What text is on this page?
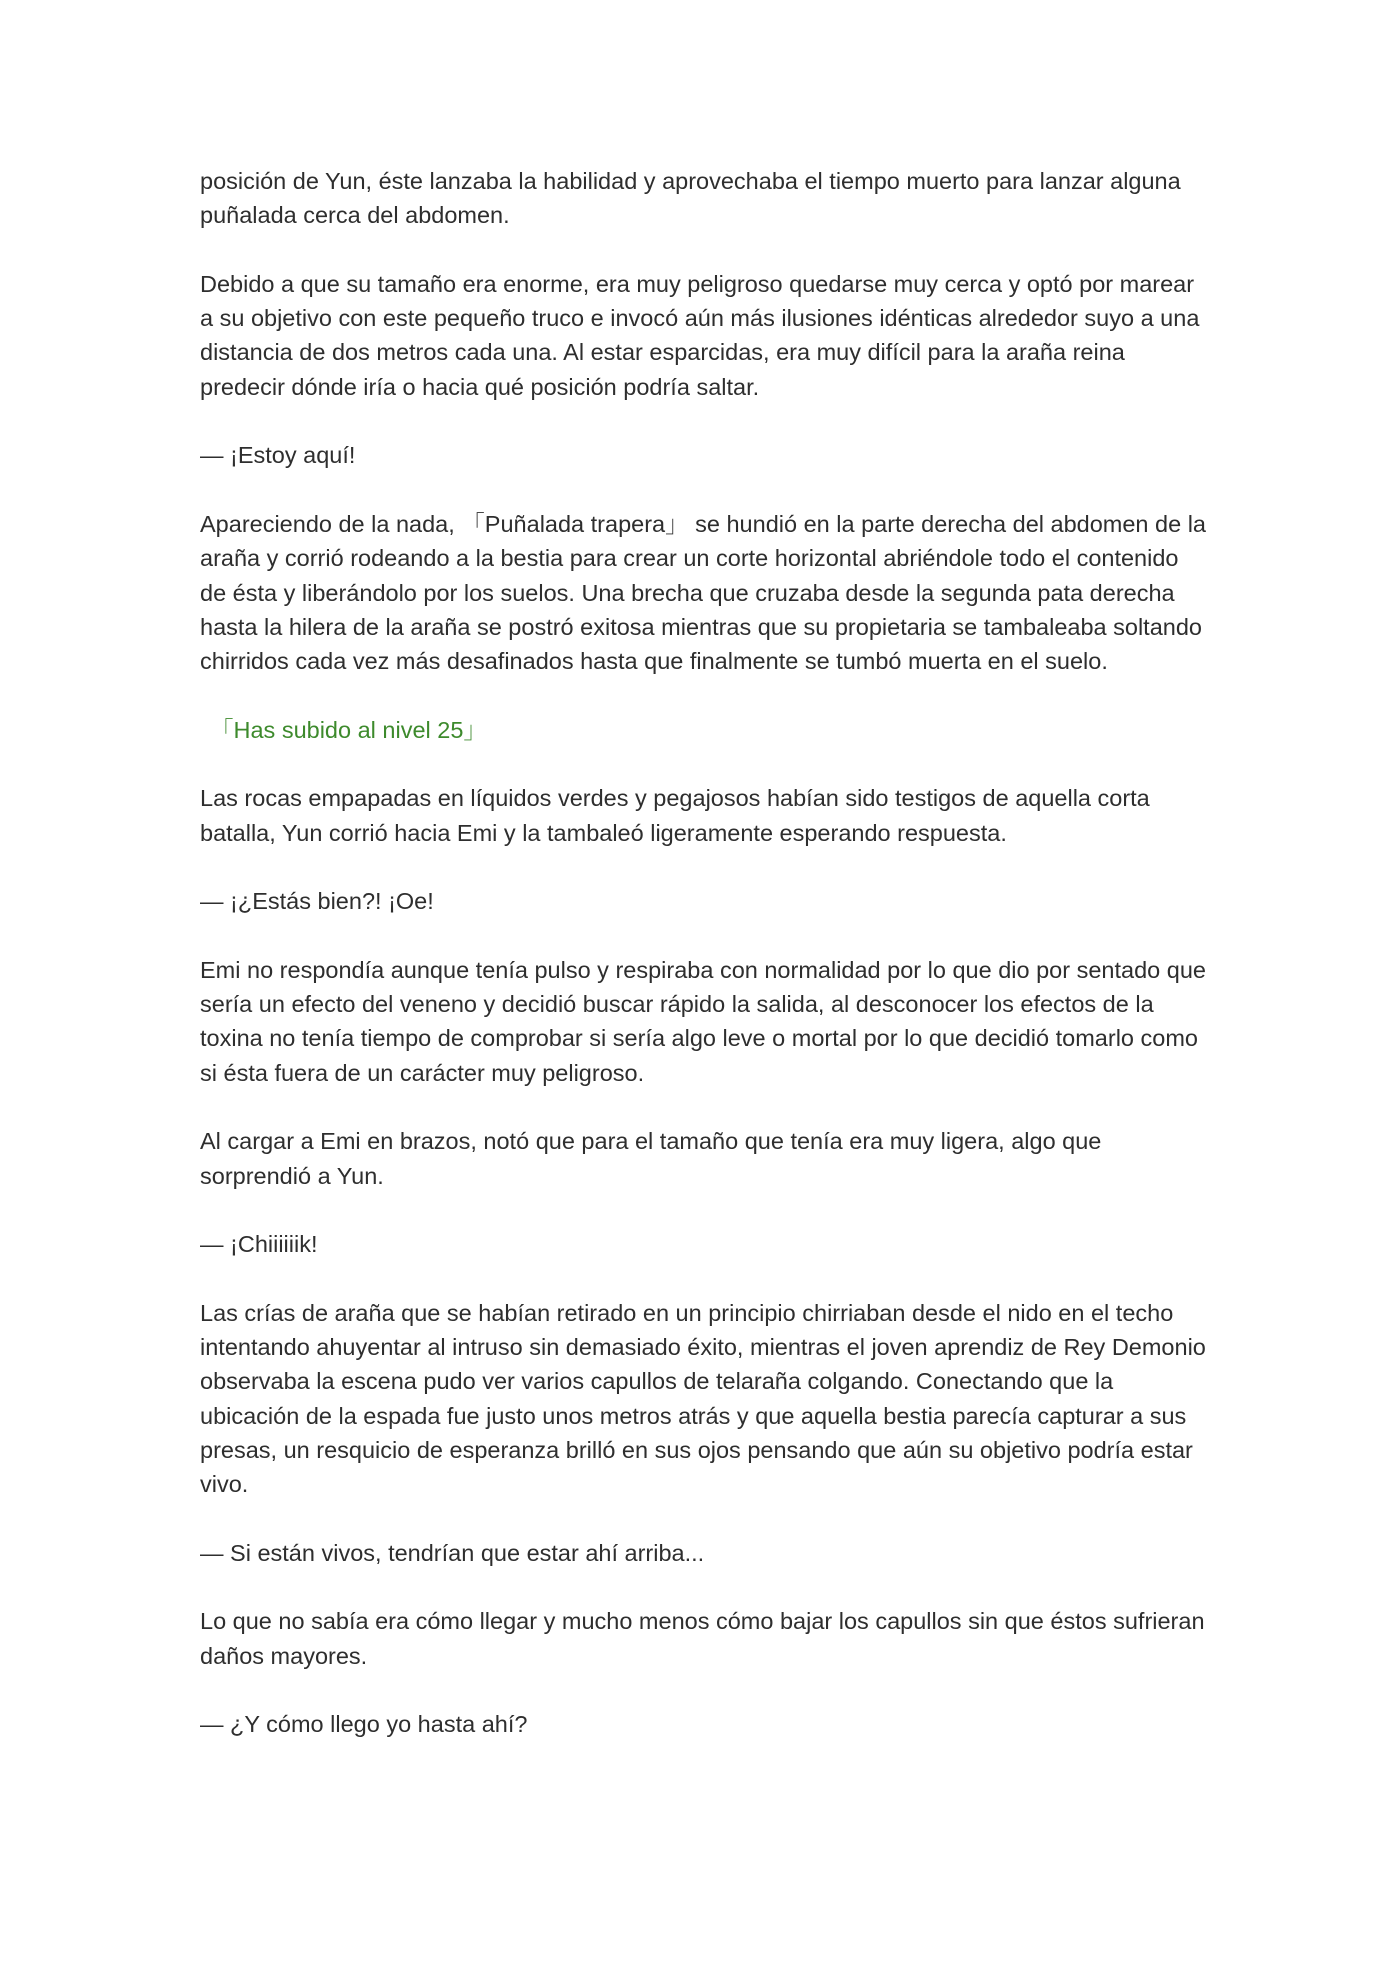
posición de Yun, éste lanzaba la habilidad y aprovechaba el tiempo muerto para lanzar alguna puñalada cerca del abdomen.

Debido a que su tamaño era enorme, era muy peligroso quedarse muy cerca y optó por marear a su objetivo con este pequeño truco e invocó aún más ilusiones idénticas alrededor suyo a una distancia de dos metros cada una. Al estar esparcidas, era muy difícil para la araña reina predecir dónde iría o hacia qué posición podría saltar.

— ¡Estoy aquí!

Apareciendo de la nada, 「Puñalada trapera」 se hundió en la parte derecha del abdomen de la araña y corrió rodeando a la bestia para crear un corte horizontal abriéndole todo el contenido de ésta y liberándolo por los suelos. Una brecha que cruzaba desde la segunda pata derecha hasta la hilera de la araña se postró exitosa mientras que su propietaria se tambaleaba soltando chirridos cada vez más desafinados hasta que finalmente se tumbó muerta en el suelo.

「Has subido al nivel 25」

Las rocas empapadas en líquidos verdes y pegajosos habían sido testigos de aquella corta batalla, Yun corrió hacia Emi y la tambaleó ligeramente esperando respuesta.

— ¡¿Estás bien?! ¡Oe!

Emi no respondía aunque tenía pulso y respiraba con normalidad por lo que dio por sentado que sería un efecto del veneno y decidió buscar rápido la salida, al desconocer los efectos de la toxina no tenía tiempo de comprobar si sería algo leve o mortal por lo que decidió tomarlo como si ésta fuera de un carácter muy peligroso.

Al cargar a Emi en brazos, notó que para el tamaño que tenía era muy ligera, algo que sorprendió a Yun.

— ¡Chiiiiiik!

Las crías de araña que se habían retirado en un principio chirriaban desde el nido en el techo intentando ahuyentar al intruso sin demasiado éxito, mientras el joven aprendiz de Rey Demonio observaba la escena pudo ver varios capullos de telaraña colgando. Conectando que la ubicación de la espada fue justo unos metros atrás y que aquella bestia parecía capturar a sus presas, un resquicio de esperanza brilló en sus ojos pensando que aún su objetivo podría estar vivo.

— Si están vivos, tendrían que estar ahí arriba...

Lo que no sabía era cómo llegar y mucho menos cómo bajar los capullos sin que éstos sufrieran daños mayores.

— ¿Y cómo llego yo hasta ahí?
